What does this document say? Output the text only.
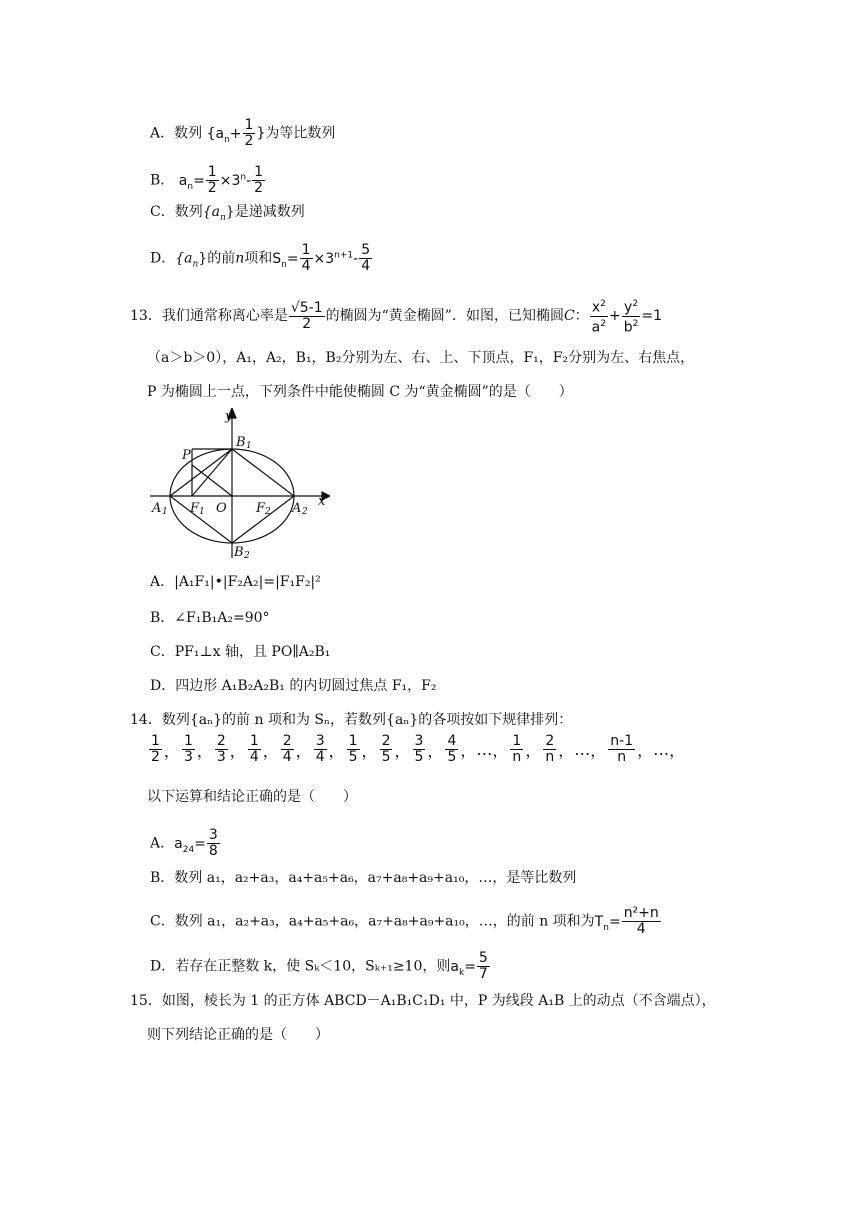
A．数列 {$a_n+ \frac{1}{2}$ }为等比数列
B． $a_n= \frac{1}{2} \times 3^n- \frac{1}{2}$
C．数列$\{a_n\}$是递减数列
D．$\{a_n\}$的前n项和$S_n= \frac{1}{4} \times 3^{n+1}- \frac{5}{4}$
13．我们通常称离心率是 $\frac{√5-1}{2}$ 的椭圆为“黄金椭圆”．如图，已知椭圆C： $\frac{x^2}{a^2} + \frac{y^2}{b^2} =1$
（a＞b＞0），A₁，A₂，B₁，B₂分别为左、右、上、下顶点，F₁，F₂分别为左、右焦点，
P 为椭圆上一点，下列条件中能使椭圆 C 为“黄金椭圆”的是（　　）
y
x
B 1
B 2
A 1	A 2
F 1	F 2
P
O
A．|A₁F₁|•|F₂A₂|=|F₁F₂|²
B．∠F₁B₁A₂=90°
C．PF₁⊥x 轴，且 PO∥A₂B₁
D．四边形 A₁B₂A₂B₁ 的内切圆过焦点 F₁，F₂
14．数列{aₙ}的前 n 项和为 Sₙ，若数列{aₙ}的各项按如下规律排列：
$\frac{1}{2}$ ， $\frac{1}{3}$ ， $\frac{2}{3}$ ， $\frac{1}{4}$ ， $\frac{2}{4}$ ， $\frac{3}{4}$ ， $\frac{1}{5}$ ， $\frac{2}{5}$ ， $\frac{3}{5}$ ， $\frac{4}{5}$ ，…， $\frac{1}{n}$ ， $\frac{2}{n}$ ，…， $\frac{n-1}{n}$ ，…，
以下运算和结论正确的是（　　）
A．$a_{24}= \frac{3}{8}$
B．数列 a₁，a₂+a₃，a₄+a₅+a₆，a₇+a₈+a₉+a₁₀，…，是等比数列
C．数列 a₁，a₂+a₃，a₄+a₅+a₆，a₇+a₈+a₉+a₁₀，…，的前 n 项和为$T_n= \frac{\text{n²+n}}{4}$
D．若存在正整数 k，使 Sₖ＜10，Sₖ₊₁≥10，则$a_k= \frac{5}{7}$
15．如图，棱长为 1 的正方体 ABCD－A₁B₁C₁D₁ 中，P 为线段 A₁B 上的动点（不含端点），
则下列结论正确的是（　　）
